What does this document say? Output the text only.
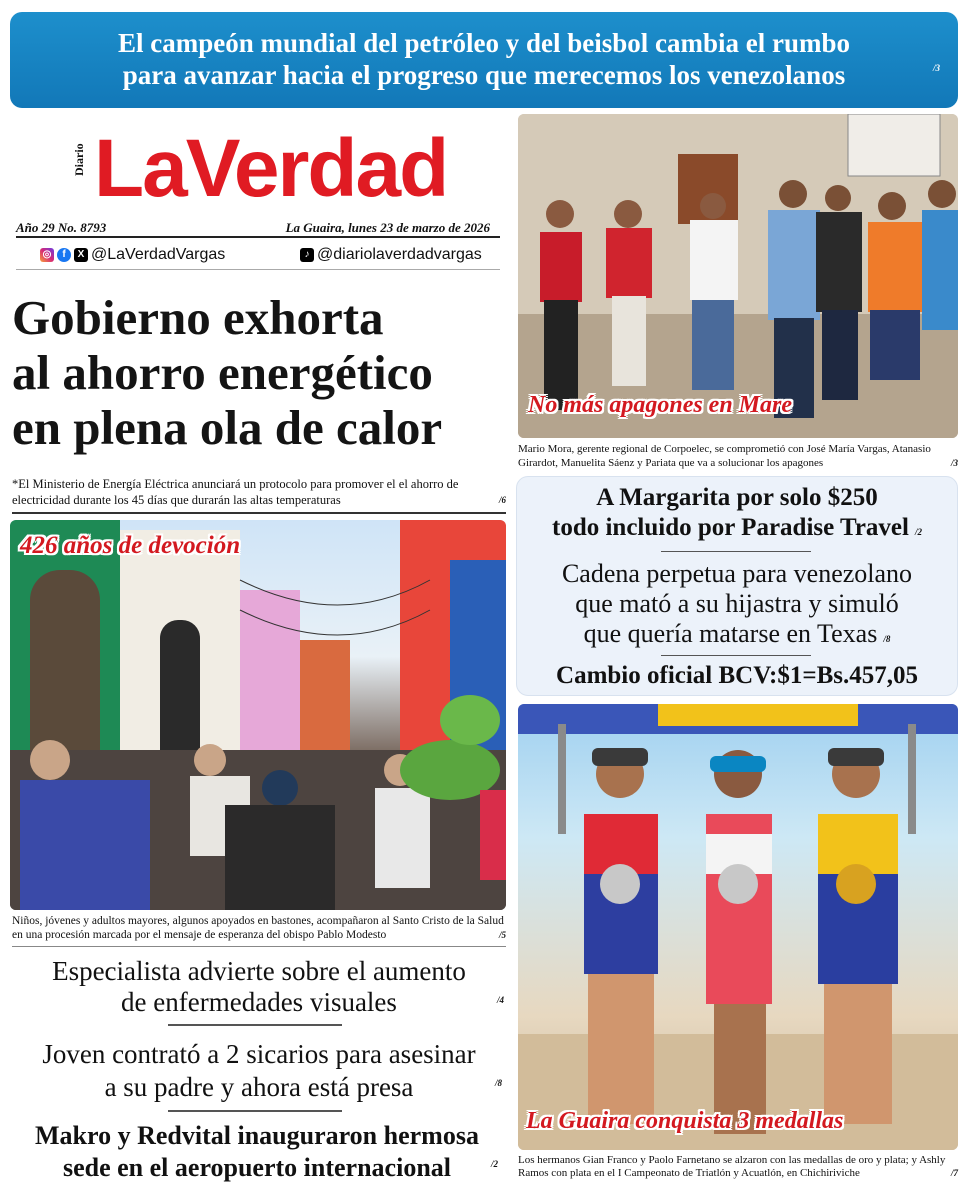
El campeón mundial del petróleo y del beisbol cambia el rumbo
para avanzar hacia el progreso que merecemos los venezolanos	/3
Diario LaVerdad
Año 29 No. 8793	La Guaira, lunes 23 de marzo de 2026
◎	f	X @LaVerdadVargas	♪ @diariolaverdadvargas
Gobierno exhorta
al ahorro energético
en plena ola de calor
*El Ministerio de Energía Eléctrica anunciará un protocolo para promover el el ahorro de electricidad durante los 45 días que durarán las altas temperaturas	/6
426 años de devoción
Niños, jóvenes y adultos mayores, algunos apoyados en bastones, acompañaron al Santo Cristo de la Salud en una procesión marcada por el mensaje de esperanza del obispo Pablo Modesto	/5
Especialista advierte sobre el aumento
de enfermedades visuales	/4
Joven contrató a 2 sicarios para asesinar
a su padre y ahora está presa	/8
Makro y Redvital inauguraron hermosa
sede en el aeropuerto internacional	/2
No más apagones en Mare
Mario Mora, gerente regional de Corpoelec, se comprometió con José María Vargas, Atanasio Girardot, Manuelita Sáenz y Pariata que va a solucionar los apagones	/3
A Margarita por solo $250
todo incluido por Paradise Travel /2
Cadena perpetua para venezolano
que mató a su hijastra y simuló
que quería matarse en Texas /8
Cambio oficial BCV:$1=Bs.457,05
La Guaira conquista 3 medallas
Los hermanos Gian Franco y Paolo Farnetano se alzaron con las medallas de oro y plata; y Ashly Ramos con plata en el I Campeonato de Triatlón y Acuatlón, en Chichiriviche	/7
